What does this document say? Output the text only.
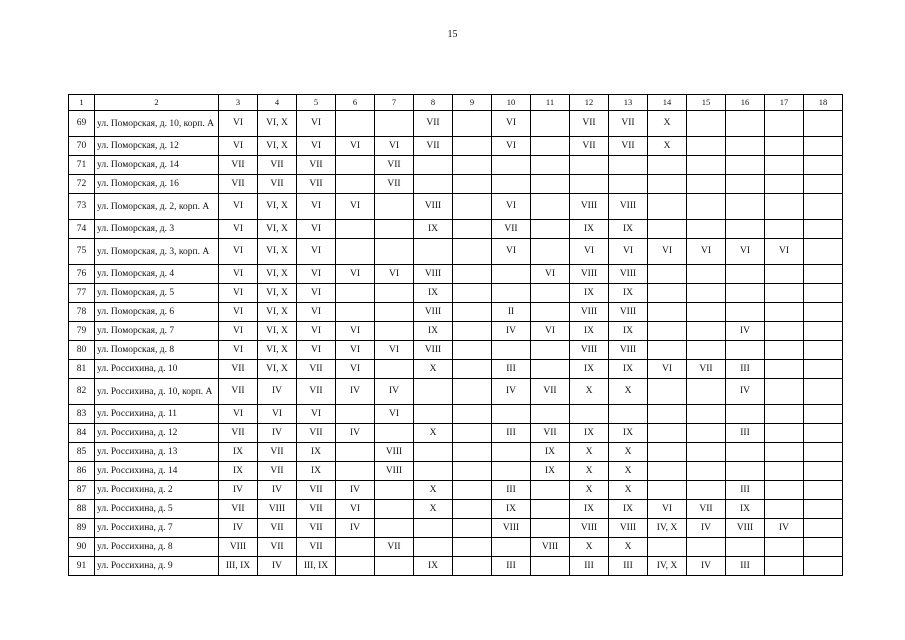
15
1	2	3	4	5	6	7	8	9	10	11	12	13	14	15	16	17	18
69	ул. Поморская, д. 10, корп. А	VI	VI, X	VI			VII		VI		VII	VII	X				
70	ул. Поморская, д. 12	VI	VI, X	VI	VI	VI	VII		VI		VII	VII	X				
71	ул. Поморская, д. 14	VII	VII	VII		VII											
72	ул. Поморская, д. 16	VII	VII	VII		VII											
73	ул. Поморская, д. 2, корп. А	VI	VI, X	VI	VI		VIII		VI		VIII	VIII					
74	ул. Поморская, д. 3	VI	VI, X	VI			IX		VII		IX	IX					
75	ул. Поморская, д. 3, корп. А	VI	VI, X	VI					VI		VI	VI	VI	VI	VI	VI	
76	ул. Поморская, д. 4	VI	VI, X	VI	VI	VI	VIII			VI	VIII	VIII					
77	ул. Поморская, д. 5	VI	VI, X	VI			IX				IX	IX					
78	ул. Поморская, д. 6	VI	VI, X	VI			VIII		II		VIII	VIII					
79	ул. Поморская, д. 7	VI	VI, X	VI	VI		IX		IV	VI	IX	IX			IV		
80	ул. Поморская, д. 8	VI	VI, X	VI	VI	VI	VIII				VIII	VIII					
81	ул. Россихина, д. 10	VII	VI, X	VII	VI		X		III		IX	IX	VI	VII	III		
82	ул. Россихина, д. 10, корп. А	VII	IV	VII	IV	IV			IV	VII	X	X			IV		
83	ул. Россихина, д. 11	VI	VI	VI		VI											
84	ул. Россихина, д. 12	VII	IV	VII	IV		X		III	VII	IX	IX			III		
85	ул. Россихина, д. 13	IX	VII	IX		VIII				IX	X	X					
86	ул. Россихина, д. 14	IX	VII	IX		VIII				IX	X	X					
87	ул. Россихина, д. 2	IV	IV	VII	IV		X		III		X	X			III		
88	ул. Россихина, д. 5	VII	VIII	VII	VI		X		IX		IX	IX	VI	VII	IX		
89	ул. Россихина, д. 7	IV	VII	VII	IV				VIII		VIII	VIII	IV, X	IV	VIII	IV	
90	ул. Россихина, д. 8	VIII	VII	VII		VII				VIII	X	X					
91	ул. Россихина, д. 9	III, IX	IV	III, IX			IX		III		III	III	IV, X	IV	III		
